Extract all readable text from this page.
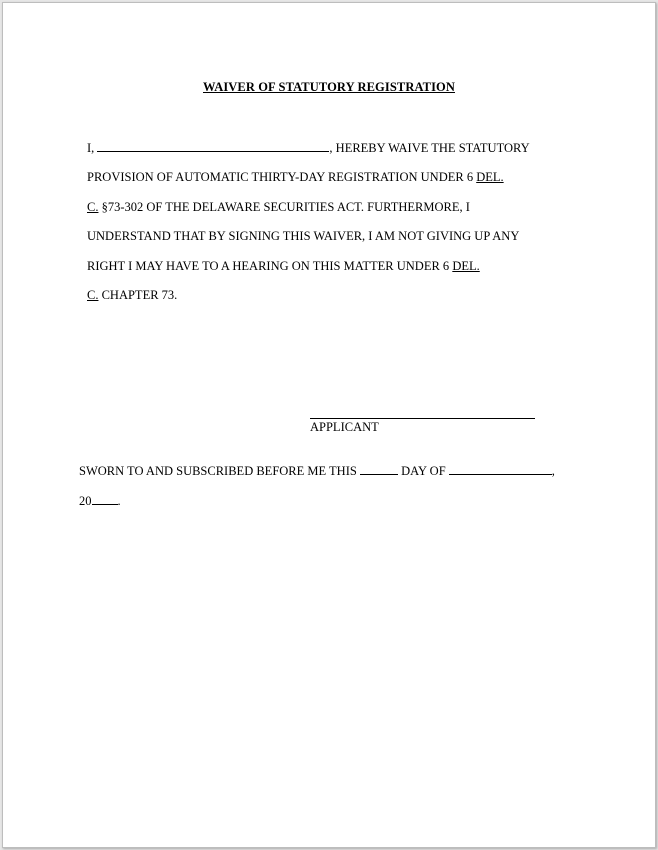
WAIVER OF STATUTORY REGISTRATION
I,	, HEREBY WAIVE THE STATUTORY
PROVISION OF AUTOMATIC THIRTY-DAY REGISTRATION UNDER 6 DEL.
C. §73-302 OF THE DELAWARE SECURITIES ACT. FURTHERMORE, I
UNDERSTAND THAT BY SIGNING THIS WAIVER, I AM NOT GIVING UP ANY
RIGHT I MAY HAVE TO A HEARING ON THIS MATTER UNDER 6 DEL.
C. CHAPTER 73.
APPLICANT
SWORN TO AND SUBSCRIBED BEFORE ME THIS	DAY OF	,
20 .
